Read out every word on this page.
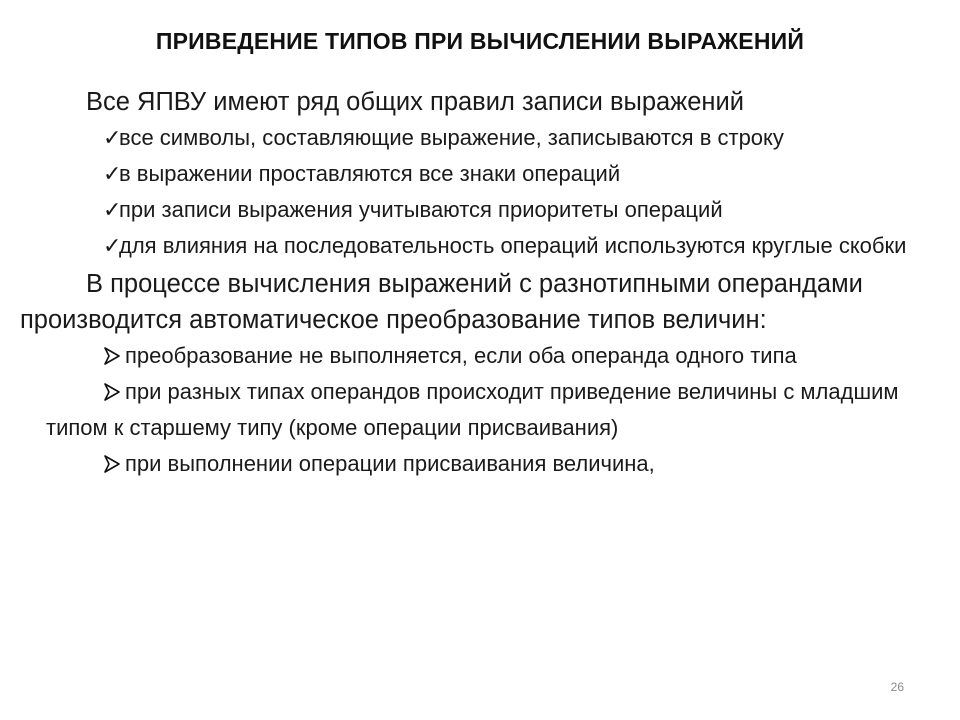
ПРИВЕДЕНИЕ ТИПОВ ПРИ ВЫЧИСЛЕНИИ ВЫРАЖЕНИЙ

Все ЯПВУ имеют ряд общих правил записи выражений

✓все символы, составляющие выражение, записываются в строку
✓в выражении проставляются все знаки операций
✓при записи выражения учитываются приоритеты операций
✓для влияния на последовательность операций используются круглые скобки

В процессе вычисления выражений с разнотипными операндами производится автоматическое преобразование типов величин:

преобразование не выполняется, если оба операнда одного типа
при разных типах операндов происходит приведение величины с младшим типом к старшему типу (кроме операции присваивания)
при выполнении операции присваивания величина,
26
